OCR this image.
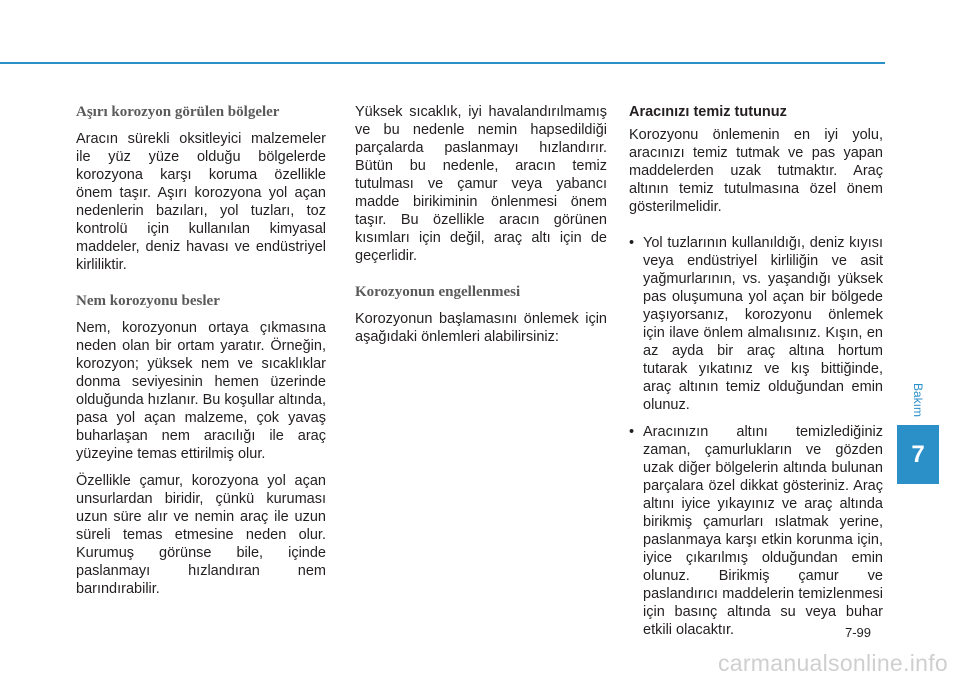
Aşırı korozyon görülen bölgeler

Aracın sürekli oksitleyici malzemeler ile yüz yüze olduğu bölgelerde korozyona karşı koruma özellikle önem taşır. Aşırı korozyona yol açan nedenlerin bazıları, yol tuzları, toz kontrolü için kullanılan kimyasal maddeler, deniz havası ve endüstriyel kirliliktir.

Nem korozyonu besler

Nem, korozyonun ortaya çıkmasına neden olan bir ortam yaratır. Örneğin, korozyon; yüksek nem ve sıcaklıklar donma seviyesinin hemen üzerinde olduğunda hızlanır. Bu koşullar altında, pasa yol açan malzeme, çok yavaş buharlaşan nem aracılığı ile araç yüzeyine temas ettirilmiş olur.

Özellikle çamur, korozyona yol açan unsurlardan biridir, çünkü kuruması uzun süre alır ve nemin araç ile uzun süreli temas etmesine neden olur. Kurumuş görünse bile, içinde paslanmayı hızlandıran nem barındırabilir.

Yüksek sıcaklık, iyi havalandırılmamış ve bu nedenle nemin hapsedildiği parçalarda paslanmayı hızlandırır. Bütün bu nedenle, aracın temiz tutulması ve çamur veya yabancı madde birikiminin önlenmesi önem taşır. Bu özellikle aracın görünen kısımları için değil, araç altı için de geçerlidir.

Korozyonun engellenmesi

Korozyonun başlamasını önlemek için aşağıdaki önlemleri alabilirsiniz:

Aracınızı temiz tutunuz

Korozyonu önlemenin en iyi yolu, aracınızı temiz tutmak ve pas yapan maddelerden uzak tutmaktır. Araç altının temiz tutulmasına özel önem gösterilmelidir.

• Yol tuzlarının kullanıldığı, deniz kıyısı veya endüstriyel kirliliğin ve asit yağmurlarının, vs. yaşandığı yüksek pas oluşumuna yol açan bir bölgede yaşıyorsanız, korozyonu önlemek için ilave önlem almalısınız. Kışın, en az ayda bir araç altına hortum tutarak yıkatınız ve kış bittiğinde, araç altının temiz olduğundan emin olunuz.
• Aracınızın altını temizlediğiniz zaman, çamurlukların ve gözden uzak diğer bölgelerin altında bulunan parçalara özel dikkat gösteriniz. Araç altını iyice yıkayınız ve araç altında birikmiş çamurları ıslatmak yerine, paslanmaya karşı etkin korunma için, iyice çıkarılmış olduğundan emin olunuz. Birikmiş çamur ve paslandırıcı maddelerin temizlenmesi için basınç altında su veya buhar etkili olacaktır.
Bakım
7
7-99
carmanualsonline.info
